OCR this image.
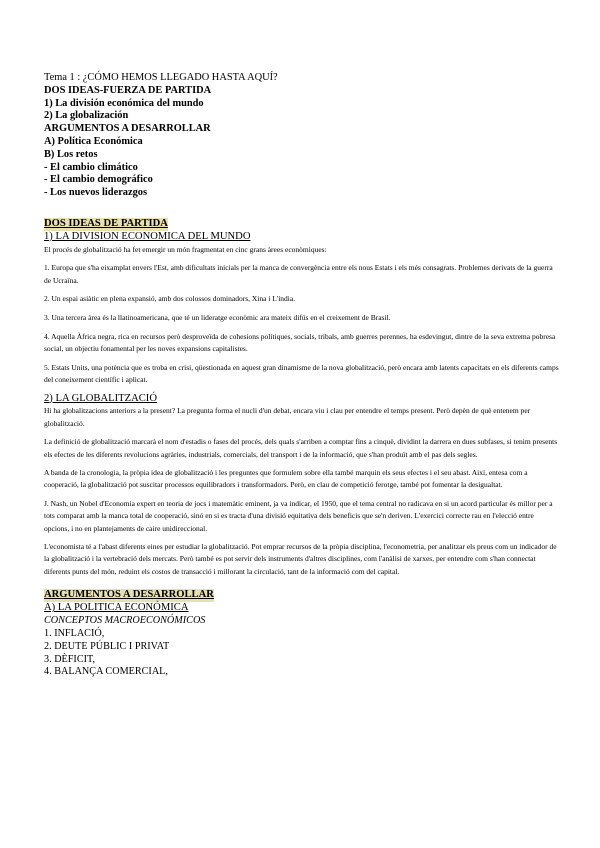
Tema 1 : ¿CÓMO HEMOS LLEGADO HASTA AQUÍ?
DOS IDEAS-FUERZA DE PARTIDA
1) La división económica del mundo
2) La globalización
ARGUMENTOS A DESARROLLAR
A) Política Económica
B) Los retos
- El cambio climático
- El cambio demográfico
- Los nuevos liderazgos
DOS IDEAS DE PARTIDA
1) LA DIVISION ECONOMICA DEL MUNDO

El procés de globalització ha fet emergir un món fragmentat en cinc grans àrees econòmiques:

1. Europa que s'ha eixamplat envers l'Est, amb dificultats inicials per la manca de convergència entre els nous Estats i els més consagrats. Problemes derivats de la guerra de Ucraïna.

2. Un espai asiàtic en plena expansió, amb dos colossos dominadors, Xina i L'índia.

3. Una tercera àrea és la llatinoamericana, que té un lideratge econòmic ara mateix difús en el creixement de Brasil.

4. Aquella Àfrica negra, rica en recursos però desproveïda de cohesions polítiques, socials, tribals, amb guerres perennes, ha esdevingut, dintre de la seva extrema pobresa social, un objectiu fonamental per les noves expansions capitalistes.

5. Estats Units, una potència que es troba en crisi, qüestionada en aquest gran dinamisme de la nova globalització, però encara amb latents capacitats en els diferents camps del coneixement científic i aplicat.

2) LA GLOBALITZACIÓ

Hi ha globalitzacions anteriors a la present? La pregunta forma el nucli d'un debat, encara viu i clau per entendre el temps present. Però depèn de què entenem per globalització.

La definició de globalització marcarà el nom d'estadis o fases del procés, dels quals s'arriben a comptar fins a cinquè, dividint la darrera en dues subfases, si tenim presents els efectes de les diferents revolucions agràries, industrials, comercials, del transport i de la informació, que s'han produït amb el pas dels segles.

A banda de la cronologia, la pròpia idea de globalització i les preguntes que formulem sobre ella també marquin els seus efectes i el seu abast. Així, entesa com a cooperació, la globalització pot suscitar processos equilibradors i transformadors. Però, en clau de competició ferotge, també pot fomentar la desigualtat.

J. Nash, un Nobel d'Economia expert en teoria de jocs i matemàtic eminent, ja va indicar, el 1950, que el tema central no radicava en si un acord particular és millor per a tots comparat amb la manca total de cooperació, sinó en si es tracta d'una divisió equitativa dels beneficis que se'n deriven. L'exercici correcte rau en l'elecció entre opcions, i no en plantejaments de caire unidireccional.

L'economista té a l'abast diferents eines per estudiar la globalització. Pot emprar recursos de la pròpia disciplina, l'econometria, per analitzar els preus com un indicador de la globalització i la vertebració dels mercats. Però també es pot servir dels instruments d'altres disciplines, com l'anàlisi de xarxes, per entendre com s'han connectat diferents punts del món, reduint els costos de transacció i millorant la circulació, tant de la informació com del capital.

ARGUMENTOS A DESARROLLAR
A) LA POLITICA ECONÓMICA
CONCEPTOS MACROECONÓMICOS
1. INFLACIÓ,
2. DEUTE PÚBLIC I PRIVAT
3. DÈFICIT,
4. BALANÇA COMERCIAL,
